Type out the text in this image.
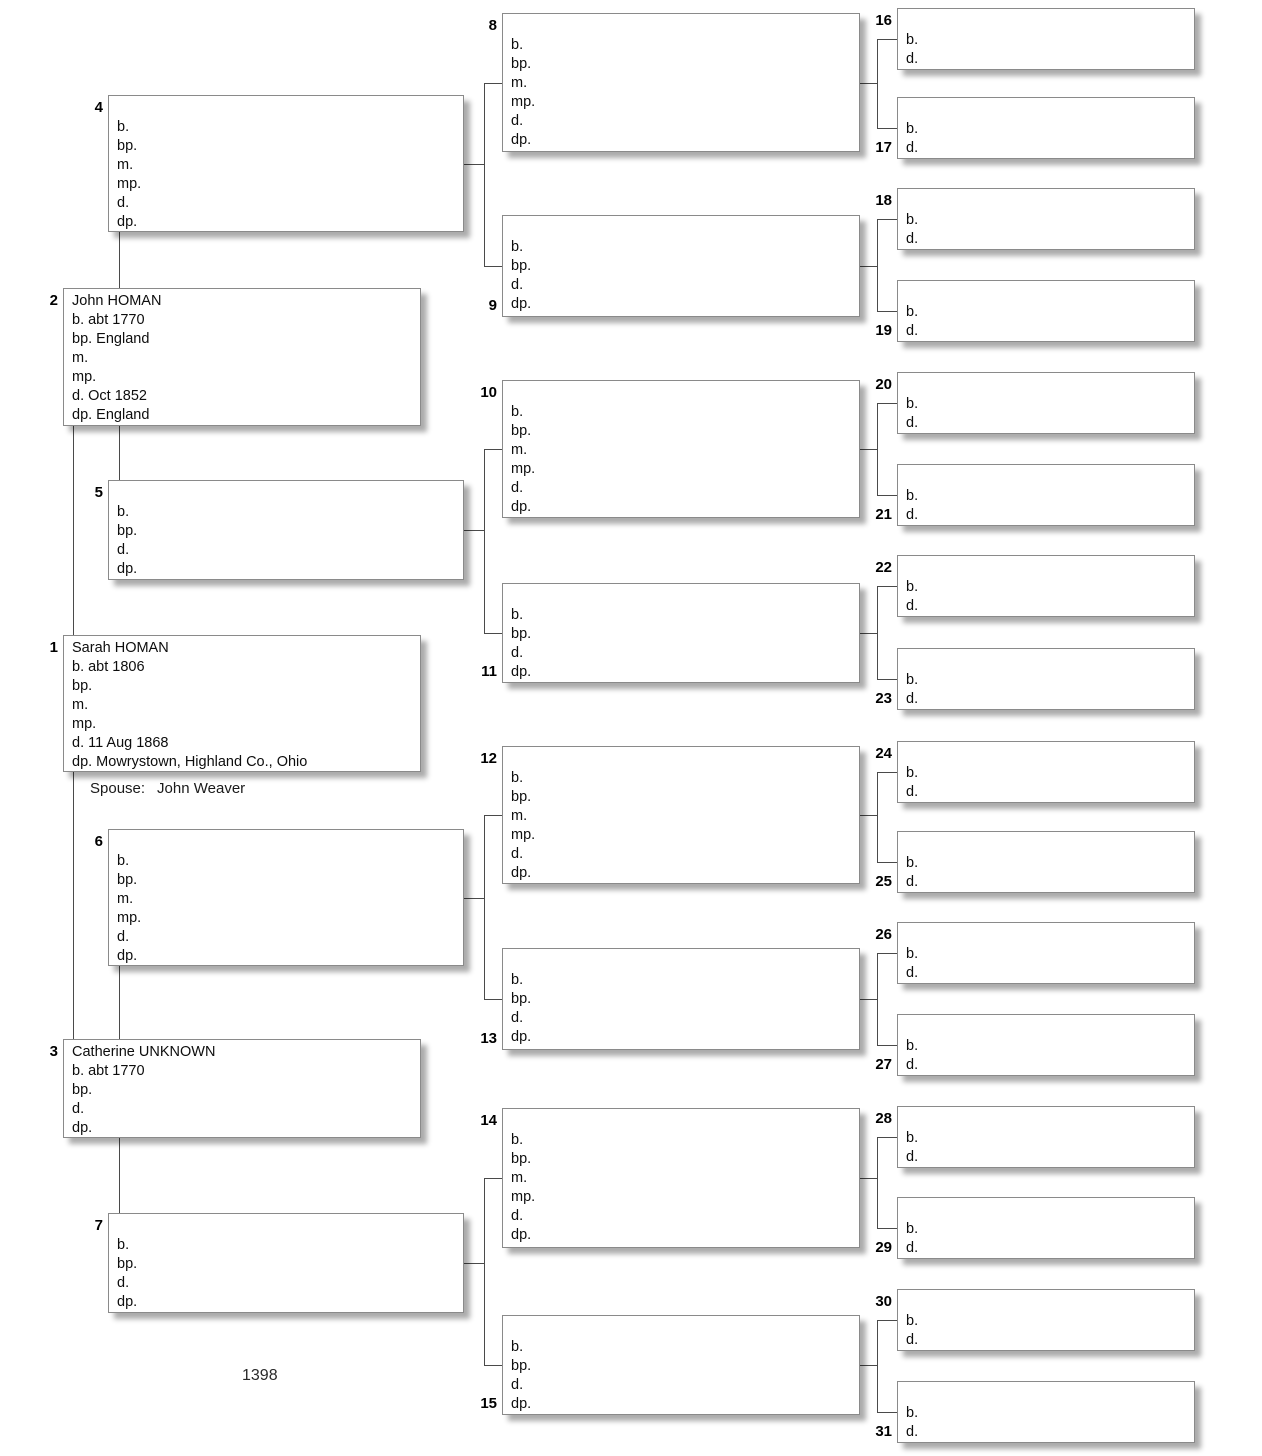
Spouse: John Weaver
1398
1 Sarah HOMAN
b. abt 1806
bp.
m.
mp.
d. 11 Aug 1868
dp. Mowrystown, Highland Co., Ohio
2 John HOMAN
b. abt 1770
bp. England
m.
mp.
d. Oct 1852
dp. England
3 Catherine UNKNOWN
b. abt 1770
bp.
d.
dp.
4
b.
bp.
m.
mp.
d.
dp.
5
b.
bp.
d.
dp.
6
b.
bp.
m.
mp.
d.
dp.
7
b.
bp.
d.
dp.
8
b.
bp.
m.
mp.
d.
dp.
9
b.
bp.
d.
dp.
10
b.
bp.
m.
mp.
d.
dp.
11
b.
bp.
d.
dp.
12
b.
bp.
m.
mp.
d.
dp.
13
b.
bp.
d.
dp.
14
b.
bp.
m.
mp.
d.
dp.
15
b.
bp.
d.
dp.
16
b.
d.
17
b.
d.
18
b.
d.
19
b.
d.
20
b.
d.
21
b.
d.
22
b.
d.
23
b.
d.
24
b.
d.
25
b.
d.
26
b.
d.
27
b.
d.
28
b.
d.
29
b.
d.
30
b.
d.
31
b.
d.
